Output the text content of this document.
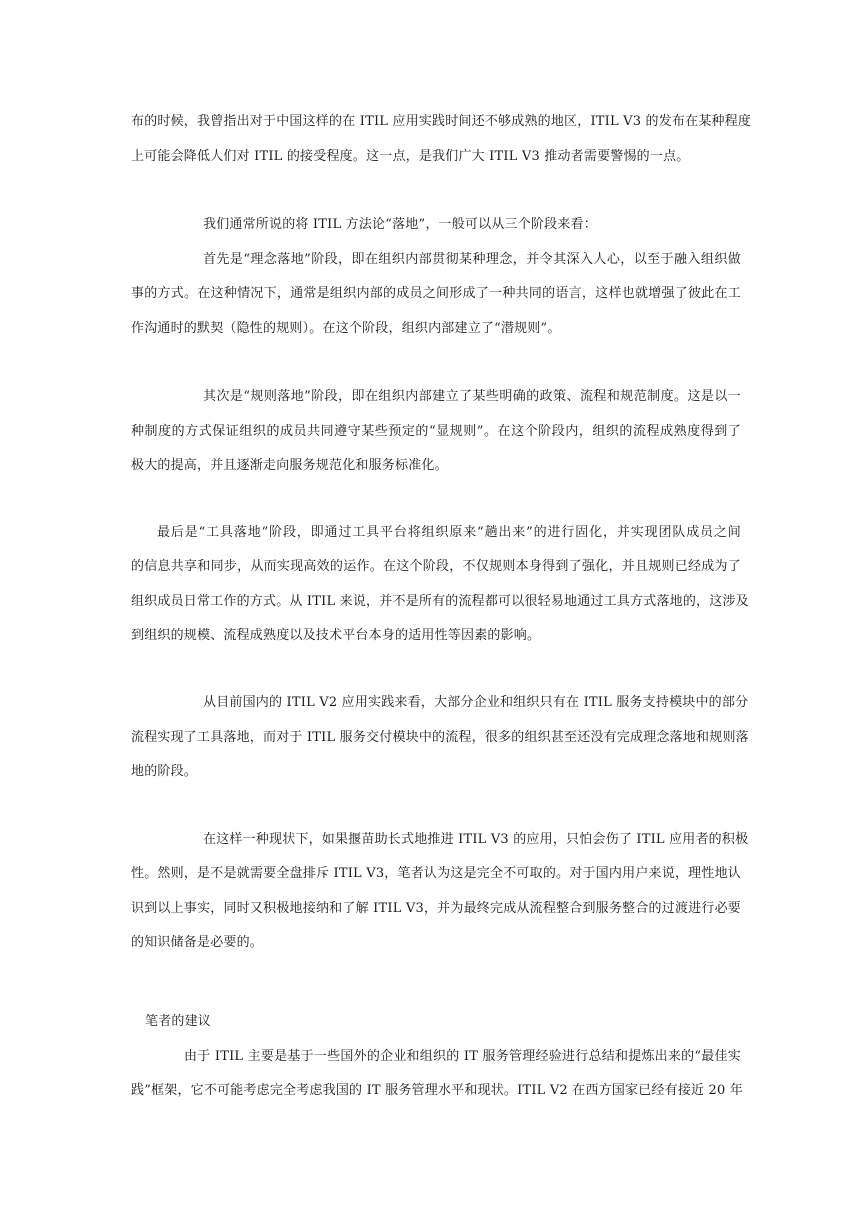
布的时候，我曾指出对于中国这样的在 ITIL 应用实践时间还不够成熟的地区，ITIL V3 的发布在某种程度
上可能会降低人们对 ITIL 的接受程度。这一点，是我们广大 ITIL V3 推动者需要警惕的一点。
我们通常所说的将 ITIL 方法论“落地”，一般可以从三个阶段来看：
首先是“理念落地”阶段，即在组织内部贯彻某种理念，并令其深入人心，以至于融入组织做
事的方式。在这种情况下，通常是组织内部的成员之间形成了一种共同的语言，这样也就增强了彼此在工
作沟通时的默契（隐性的规则）。在这个阶段，组织内部建立了“潜规则”。
其次是“规则落地”阶段，即在组织内部建立了某些明确的政策、流程和规范制度。这是以一
种制度的方式保证组织的成员共同遵守某些预定的“显规则”。在这个阶段内，组织的流程成熟度得到了
极大的提高，并且逐渐走向服务规范化和服务标准化。
最后是“工具落地”阶段，即通过工具平台将组织原来“趟出来”的进行固化，并实现团队成员之间
的信息共享和同步，从而实现高效的运作。在这个阶段，不仅规则本身得到了强化，并且规则已经成为了
组织成员日常工作的方式。从 ITIL 来说，并不是所有的流程都可以很轻易地通过工具方式落地的，这涉及
到组织的规模、流程成熟度以及技术平台本身的适用性等因素的影响。
从目前国内的 ITIL V2 应用实践来看，大部分企业和组织只有在 ITIL 服务支持模块中的部分
流程实现了工具落地，而对于 ITIL 服务交付模块中的流程，很多的组织甚至还没有完成理念落地和规则落
地的阶段。
在这样一种现状下，如果揠苗助长式地推进 ITIL V3 的应用，只怕会伤了 ITIL 应用者的积极
性。然则，是不是就需要全盘排斥 ITIL V3，笔者认为这是完全不可取的。对于国内用户来说，理性地认
识到以上事实，同时又积极地接纳和了解 ITIL V3，并为最终完成从流程整合到服务整合的过渡进行必要
的知识储备是必要的。
笔者的建议
由于 ITIL 主要是基于一些国外的企业和组织的 IT 服务管理经验进行总结和提炼出来的“最佳实
践”框架，它不可能考虑完全考虑我国的 IT 服务管理水平和现状。ITIL V2 在西方国家已经有接近 20 年
